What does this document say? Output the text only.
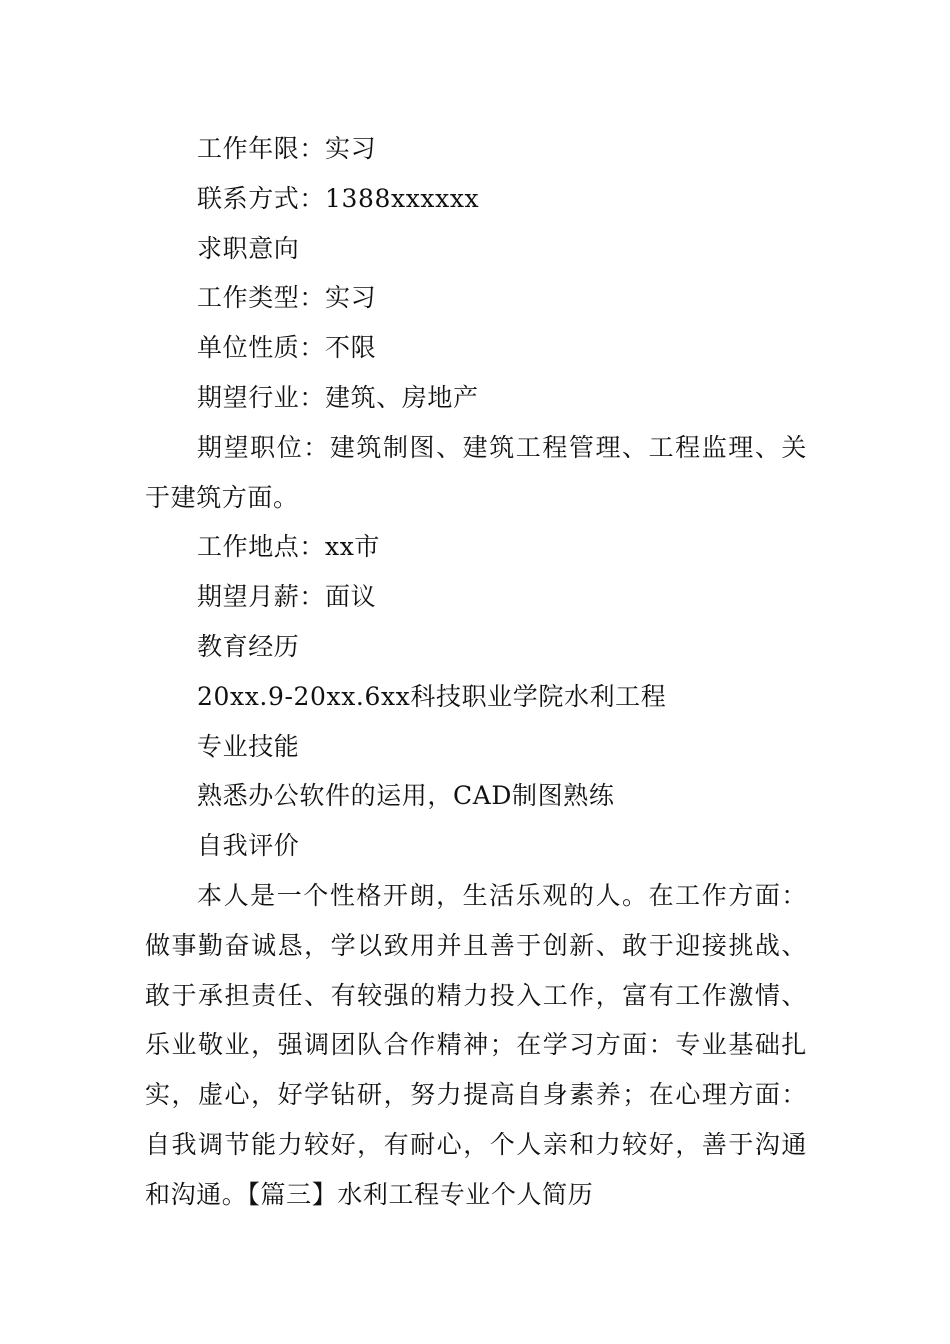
工作年限：实习

联系方式：1388xxxxxx

求职意向

工作类型：实习

单位性质：不限

期望行业：建筑、房地产

期望职位：建筑制图、建筑工程管理、工程监理、关于建筑方面。

工作地点：xx市

期望月薪：面议

教育经历

20xx.9-20xx.6xx科技职业学院水利工程

专业技能

熟悉办公软件的运用，CAD制图熟练

自我评价

本人是一个性格开朗，生活乐观的人。在工作方面：做事勤奋诚恳，学以致用并且善于创新、敢于迎接挑战、敢于承担责任、有较强的精力投入工作，富有工作激情、乐业敬业，强调团队合作精神；在学习方面：专业基础扎实，虚心，好学钻研，努力提高自身素养；在心理方面：自我调节能力较好，有耐心，个人亲和力较好，善于沟通和沟通。【篇三】水利工程专业个人简历
